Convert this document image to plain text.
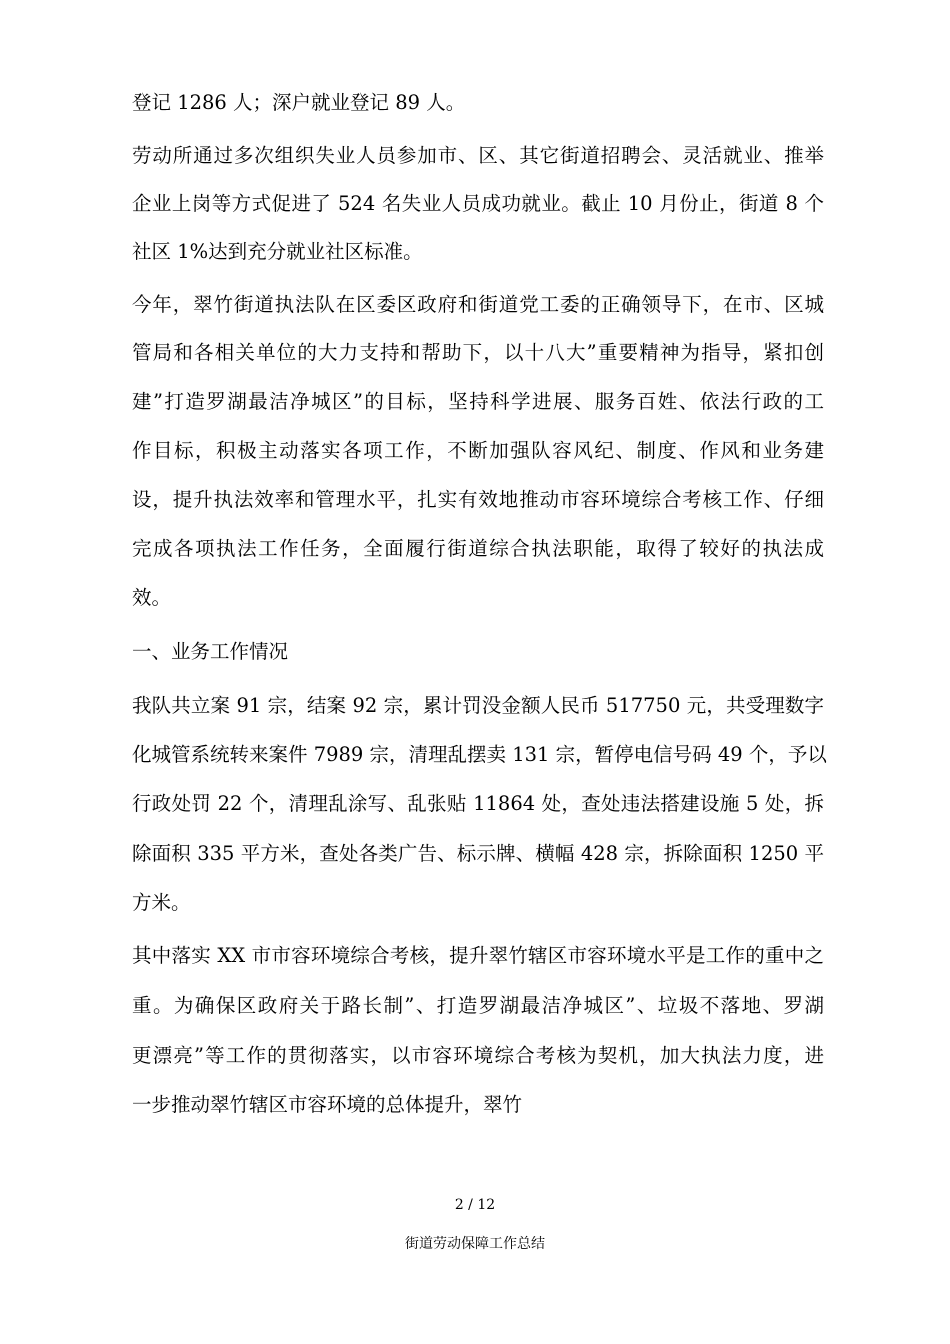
登记 1286 人；深户就业登记 89 人。
劳动所通过多次组织失业人员参加市、区、其它街道招聘会、灵活就业、推举
企业上岗等方式促进了 524 名失业人员成功就业。截止 10 月份止，街道 8 个
社区 1%达到充分就业社区标准。
今年，翠竹街道执法队在区委区政府和街道党工委的正确领导下，在市、区城
管局和各相关单位的大力支持和帮助下，以十八大”重要精神为指导，紧扣创
建”打造罗湖最洁净城区”的目标，坚持科学进展、服务百姓、依法行政的工
作目标，积极主动落实各项工作，不断加强队容风纪、制度、作风和业务建
设，提升执法效率和管理水平，扎实有效地推动市容环境综合考核工作、仔细
完成各项执法工作任务，全面履行街道综合执法职能，取得了较好的执法成
效。
一、业务工作情况
我队共立案 91 宗，结案 92 宗，累计罚没金额人民币 517750 元，共受理数字
化城管系统转来案件 7989 宗，清理乱摆卖 131 宗，暂停电信号码 49 个，予以
行政处罚 22 个，清理乱涂写、乱张贴 11864 处，查处违法搭建设施 5 处，拆
除面积 335 平方米，查处各类广告、标示牌、横幅 428 宗，拆除面积 1250 平
方米。
其中落实 XX 市市容环境综合考核，提升翠竹辖区市容环境水平是工作的重中之
重。为确保区政府关于路长制”、打造罗湖最洁净城区”、垃圾不落地、罗湖
更漂亮”等工作的贯彻落实，以市容环境综合考核为契机，加大执法力度，进
一步推动翠竹辖区市容环境的总体提升，翠竹
2 / 12
街道劳动保障工作总结
